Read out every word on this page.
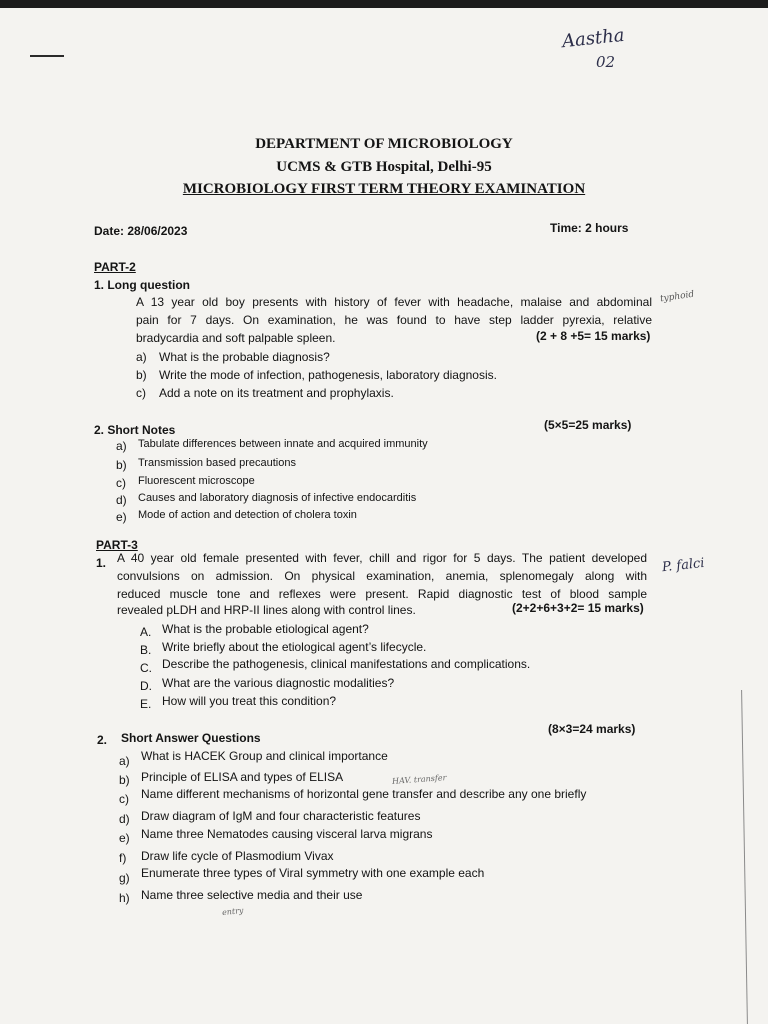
Aastha
02
typhoid
P. falci
HAV. transfer
entry
DEPARTMENT OF MICROBIOLOGY
UCMS & GTB Hospital, Delhi-95
MICROBIOLOGY FIRST TERM THEORY EXAMINATION
Date: 28/06/2023	Time: 2 hours
PART-2
1. Long question
A 13 year old boy presents with history of fever with headache, malaise and abdominal
pain for 7 days. On examination, he was found to have step ladder pyrexia, relative
bradycardia and soft palpable spleen.	(2 + 8 +5= 15 marks)
a) What is the probable diagnosis?
b) Write the mode of infection, pathogenesis, laboratory diagnosis.
c) Add a note on its treatment and prophylaxis.
2. Short Notes	(5×5=25 marks)
a) Tabulate differences between innate and acquired immunity
b) Transmission based precautions
c) Fluorescent microscope
d) Causes and laboratory diagnosis of infective endocarditis
e) Mode of action and detection of cholera toxin
PART-3
1. A 40 year old female presented with fever, chill and rigor for 5 days. The patient developed
convulsions on admission. On physical examination, anemia, splenomegaly along with
reduced muscle tone and reflexes were present. Rapid diagnostic test of blood sample
revealed pLDH and HRP-II lines along with control lines.	(2+2+6+3+2= 15 marks)
A. What is the probable etiological agent?
B. Write briefly about the etiological agent’s lifecycle.
C. Describe the pathogenesis, clinical manifestations and complications.
D. What are the various diagnostic modalities?
E. How will you treat this condition?
2. Short Answer Questions
(8×3=24 marks)
a) What is HACEK Group and clinical importance
b) Principle of ELISA and types of ELISA
c) Name different mechanisms of horizontal gene transfer and describe any one briefly
d) Draw diagram of IgM and four characteristic features
e) Name three Nematodes causing visceral larva migrans
f) Draw life cycle of Plasmodium Vivax
g) Enumerate three types of Viral symmetry with one example each
h) Name three selective media and their use
